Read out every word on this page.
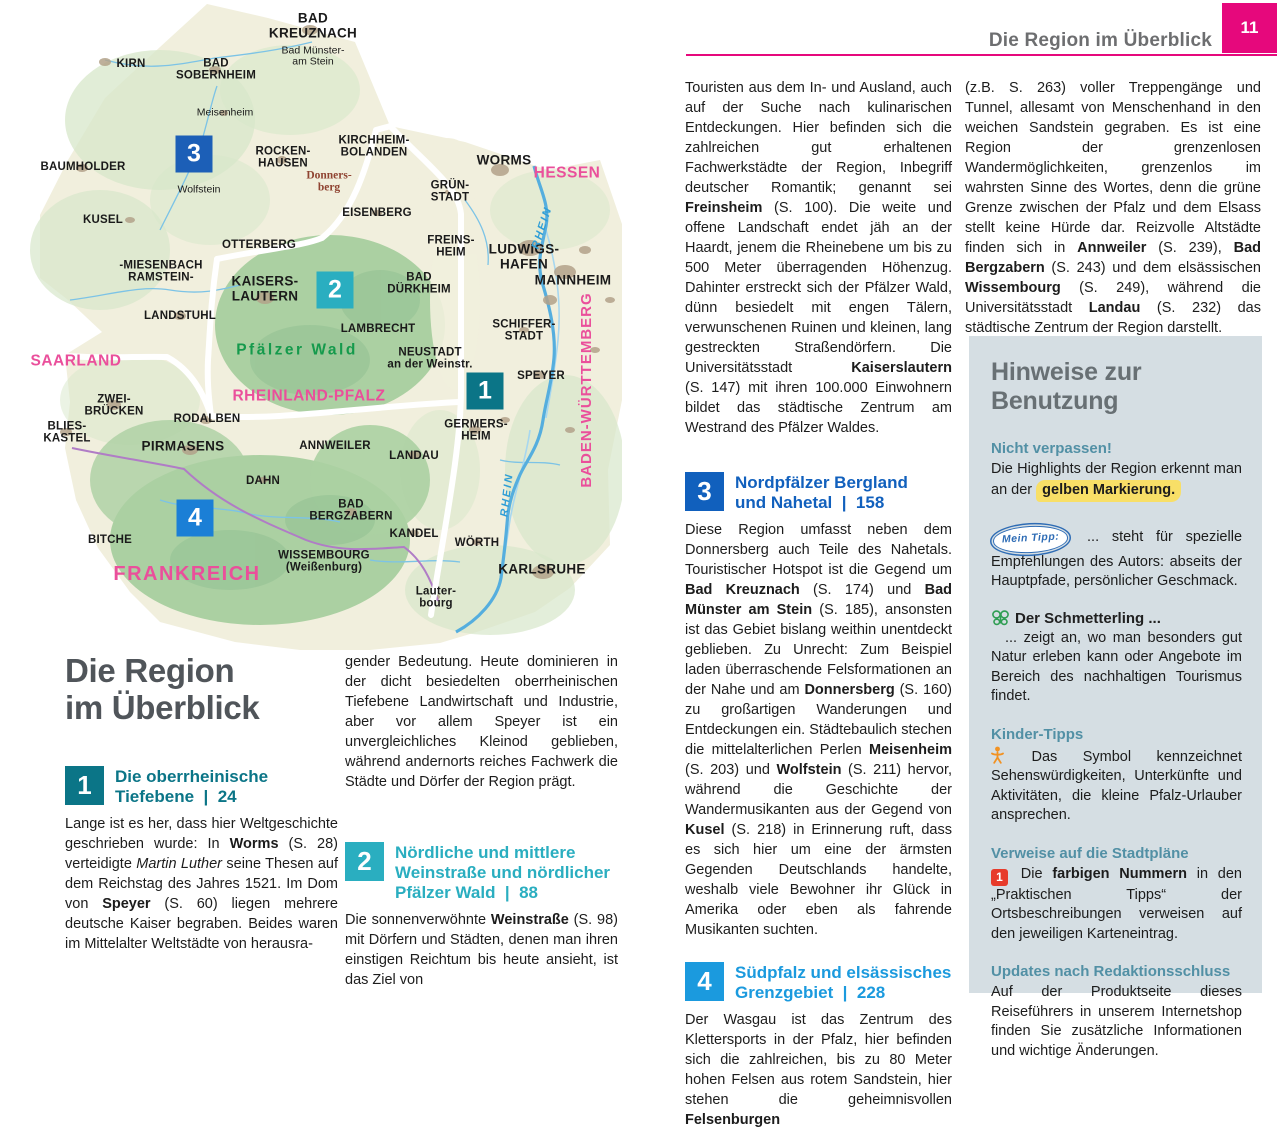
Die Region im Überblick
11
KIRN	BAD
SOBERNHEIM
BAD
KREUZNACH
Bad Münster-
am Stein
Meisenheim
ROCKEN-
HAUSEN
Donners-
berg
BAUMHOLDER
Wolfstein
KUSEL
KIRCHHEIM-
BOLANDEN	WORMS
HESSEN
GRÜN-
STADT
EISENBERG
OTTERBERG	FREINS-
HEIM	LUDWIGS-
HAFEN
MANNHEIM
-MIESENBACH
RAMSTEIN-	KAISERS-
LAUTERN
BAD
DÜRKHEIM
LANDSTUHL
LAMBRECHT
Pfälzer Wald	NEUSTADT
an der Weinstr.
SCHIFFER-
STADT
SPEYER
RHEINLAND-PFALZ
SAARLAND
ZWEI-
BRÜCKEN
BLIES-
KASTEL
RODALBEN
PIRMASENS	ANNWEILER
GERMERS-
HEIM
LANDAU
DAHN
BAD
BERGZABERN
KANDEL
BITCHE
WISSEMBOURG
(Weißenburg)
WÖRTH
KARLSRUHE
Lauter-
bourg
FRANKREICH
BADEN-WÜRTTEMBERG
RHEIN
RHEIN
1
2
3
4
Die Region
im Überblick
1	Die oberrheinische
Tiefebene  |  24

Lange ist es her, dass hier Weltgeschichte geschrieben wurde: In Worms (S. 28) verteidigte Martin Luther seine Thesen auf dem Reichstag des Jahres 1521. Im Dom von Speyer (S. 60) liegen mehrere deutsche Kaiser begraben. Beides waren im Mittelalter Weltstädte von herausra-

gender Bedeutung. Heute dominieren in der dicht besiedelten oberrheinischen Tiefebene Landwirtschaft und Industrie, aber vor allem Speyer ist ein unvergleichliches Kleinod geblieben, während andernorts reiches Fachwerk die Städte und Dörfer der Region prägt.

2	Nördliche und mittlere
Weinstraße und nördlicher
Pfälzer Wald  |  88

Die sonnenverwöhnte Weinstraße (S. 98) mit Dörfern und Städten, denen man ihren einstigen Reichtum bis heute ansieht, ist das Ziel von

Touristen aus dem In- und Ausland, auch auf der Suche nach kulinarischen Entdeckungen. Hier befinden sich die zahlreichen gut erhaltenen Fachwerkstädte der Region, Inbegriff deutscher Romantik; genannt sei Freinsheim (S. 100). Die weite und offene Landschaft endet jäh an der Haardt, jenem die Rheinebene um bis zu 500 Meter überragenden Höhenzug. Dahinter erstreckt sich der Pfälzer Wald, dünn besiedelt mit engen Tälern, verwunschenen Ruinen und kleinen, lang gestreckten Straßendörfern. Die Universitätsstadt Kaiserslautern (S. 147) mit ihren 100.000 Einwohnern bildet das städtische Zentrum am Westrand des Pfälzer Waldes.

3	Nordpfälzer Bergland
und Nahetal  |  158

Diese Region umfasst neben dem Donnersberg auch Teile des Nahetals. Touristischer Hotspot ist die Gegend um Bad Kreuznach (S. 174) und Bad Münster am Stein (S. 185), ansonsten ist das Gebiet bislang weithin unentdeckt geblieben. Zu Unrecht: Zum Beispiel laden überraschende Felsformationen an der Nahe und am Donnersberg (S. 160) zu großartigen Wanderungen und Entdeckungen ein. Städtebaulich stechen die mittelalterlichen Perlen Meisenheim (S. 203) und Wolfstein (S. 211) hervor, während die Geschichte der Wandermusikanten aus der Gegend von Kusel (S. 218) in Erinnerung ruft, dass es sich hier um eine der ärmsten Gegenden Deutschlands handelte, weshalb viele Bewohner ihr Glück in Amerika oder eben als fahrende Musikanten suchten.

4	Südpfalz und elsässisches
Grenzgebiet  |  228

Der Wasgau ist das Zentrum des Klettersports in der Pfalz, hier befinden sich die zahlreichen, bis zu 80 Meter hohen Felsen aus rotem Sandstein, hier stehen die geheimnisvollen Felsenburgen

(z.B. S. 263) voller Treppengänge und Tunnel, allesamt von Menschenhand in den weichen Sandstein gegraben. Es ist eine Region der grenzenlosen Wandermöglichkeiten, grenzenlos im wahrsten Sinne des Wortes, denn die grüne Grenze zwischen der Pfalz und dem Elsass stellt keine Hürde dar. Reizvolle Altstädte finden sich in Annweiler (S. 239), Bad Bergzabern (S. 243) und dem elsässischen Wissembourg (S. 249), während die Universitätsstadt Landau (S. 232) das städtische Zentrum der Region darstellt.

Hinweise zur Benutzung
Nicht verpassen!

Die Highlights der Region erkennt man an der gelben Markierung.

Mein Tipp: ... steht für spezielle Empfehlungen des Autors: abseits der Hauptpfade, persönlicher Geschmack.

Der Schmetterling ...

... zeigt an, wo man besonders gut Natur erleben kann oder Angebote im Bereich des nachhaltigen Tourismus findet.

Kinder-Tipps

Das Symbol kennzeichnet Sehenswürdigkeiten, Unterkünfte und Aktivitäten, die kleine Pfalz-Urlauber ansprechen.

Verweise auf die Stadtpläne

1 Die farbigen Nummern in den „Praktischen Tipps“ der Ortsbeschreibungen verweisen auf den jeweiligen Karteneintrag.

Updates nach Redaktionsschluss

Auf der Produktseite dieses Reiseführers in unserem Internetshop finden Sie zusätzliche Informationen und wichtige Änderungen.
